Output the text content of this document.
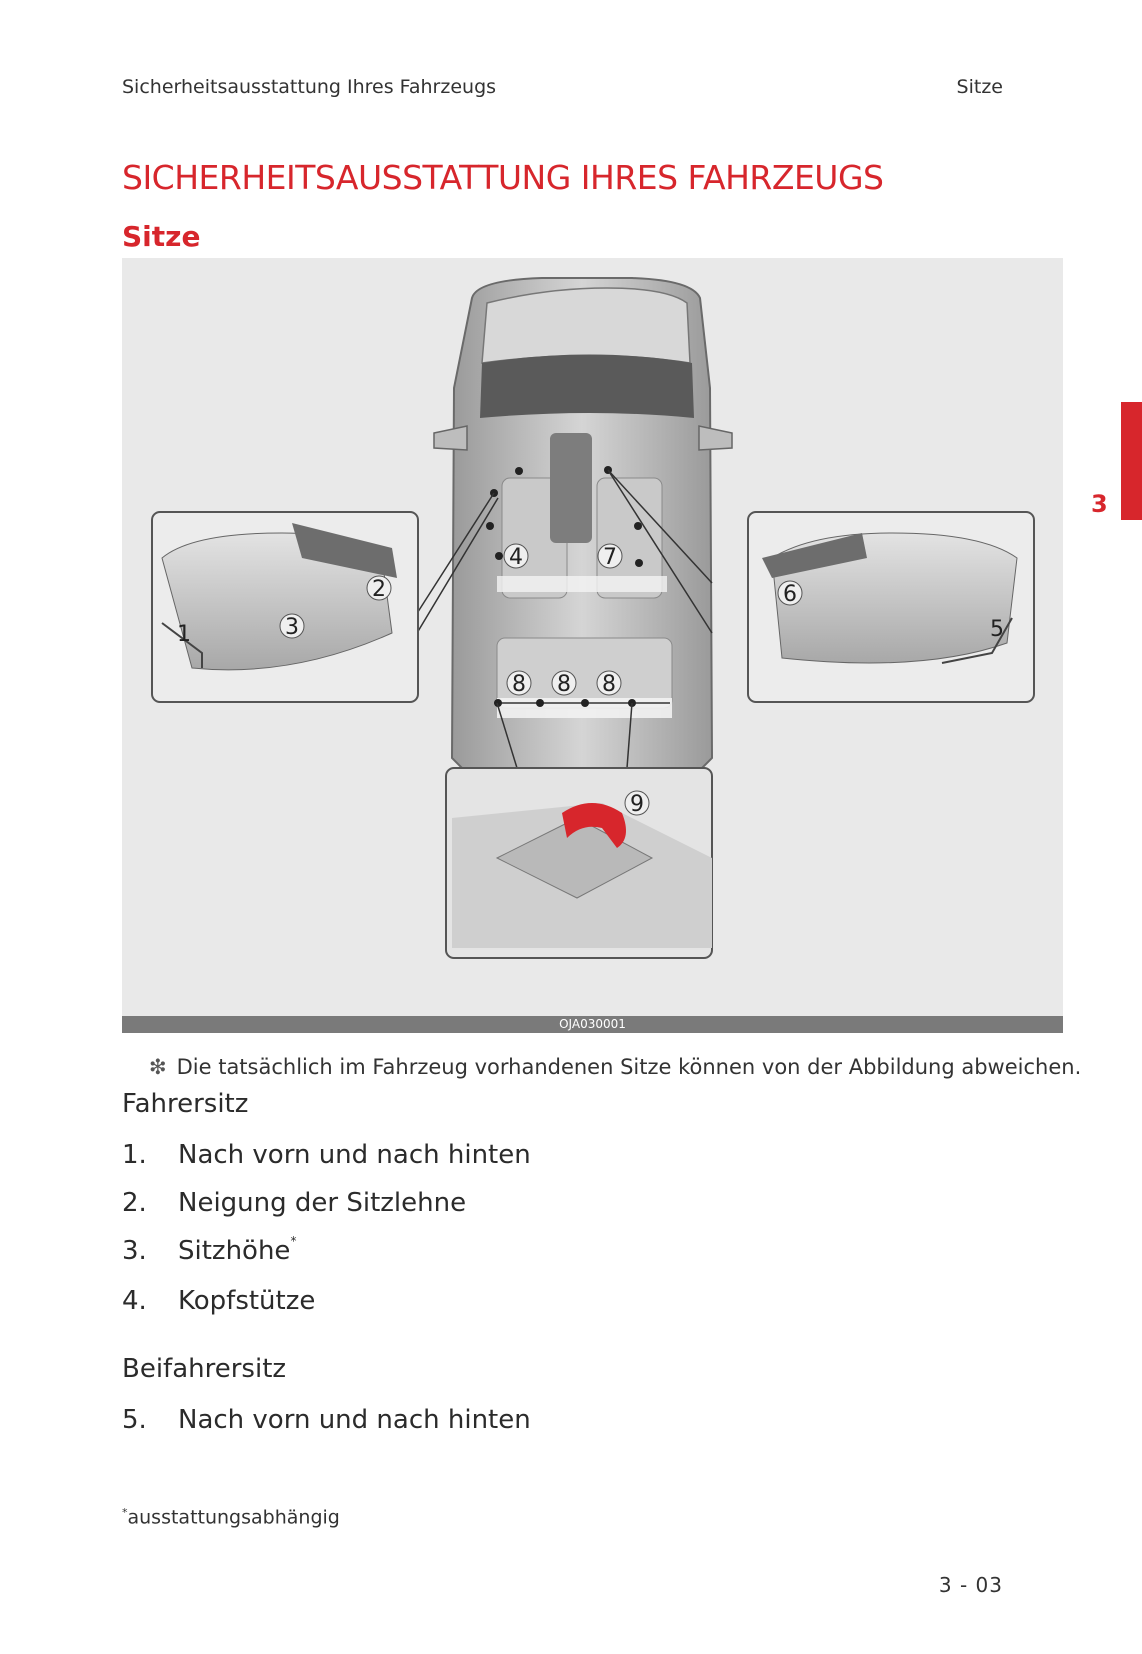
Sicherheitsausstattung Ihres Fahrzeugs	Sitze
SICHERHEITSAUSSTATTUNG IHRES FAHRZEUGS
Sitze
3
4	7
8 8 8
1
2
3	5
6
9
OJA030001
❇ Die tatsächlich im Fahrzeug vorhandenen Sitze können von der Abbildung abweichen.
Fahrersitz
1. Nach vorn und nach hinten
2. Neigung der Sitzlehne
3. Sitzhöhe*
4. Kopfstütze
Beifahrersitz
5. Nach vorn und nach hinten
*ausstattungsabhängig
3 - 03
